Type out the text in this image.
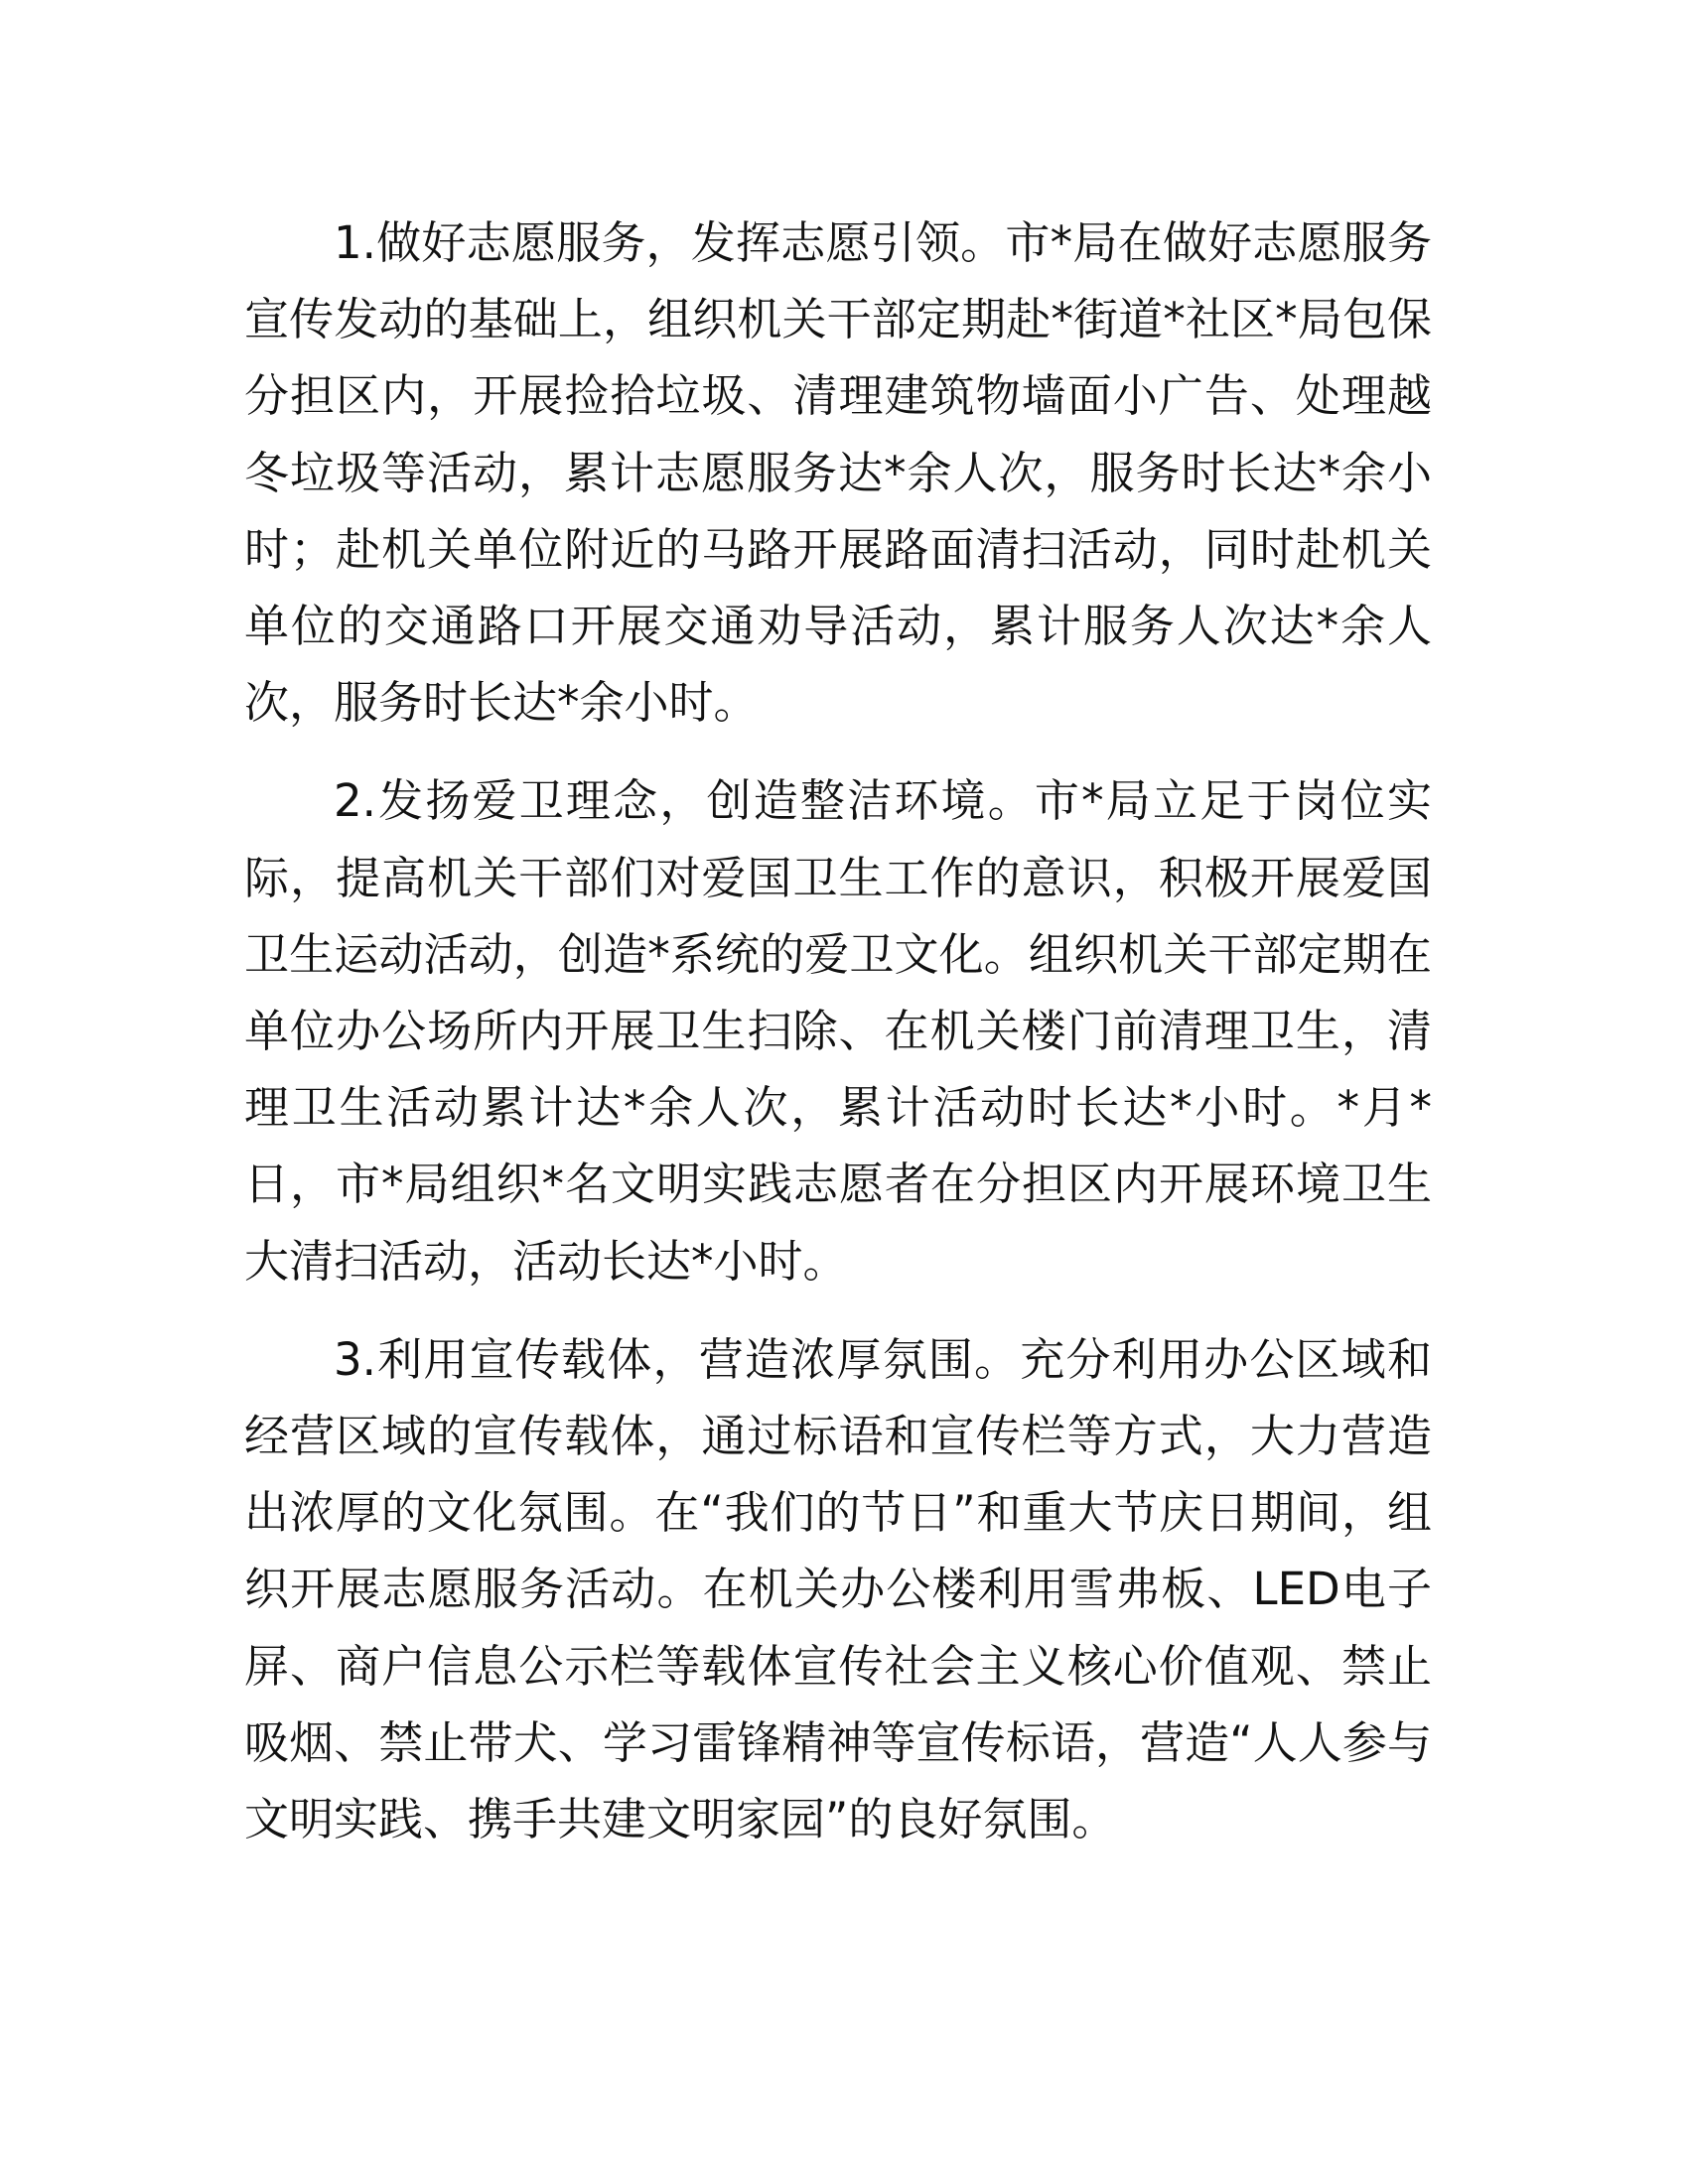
1.做好志愿服务，发挥志愿引领。市*局在做好志愿服务宣传发动的基础上，组织机关干部定期赴*街道*社区*局包保分担区内，开展捡拾垃圾、清理建筑物墙面小广告、处理越冬垃圾等活动，累计志愿服务达*余人次，服务时长达*余小时；赴机关单位附近的马路开展路面清扫活动，同时赴机关单位的交通路口开展交通劝导活动，累计服务人次达*余人次，服务时长达*余小时。

2.发扬爱卫理念，创造整洁环境。市*局立足于岗位实际，提高机关干部们对爱国卫生工作的意识，积极开展爱国卫生运动活动，创造*系统的爱卫文化。组织机关干部定期在单位办公场所内开展卫生扫除、在机关楼门前清理卫生，清理卫生活动累计达*余人次，累计活动时长达*小时。*月*日，市*局组织*名文明实践志愿者在分担区内开展环境卫生大清扫活动，活动长达*小时。

3.利用宣传载体，营造浓厚氛围。充分利用办公区域和经营区域的宣传载体，通过标语和宣传栏等方式，大力营造出浓厚的文化氛围。在“我们的节日”和重大节庆日期间，组织开展志愿服务活动。在机关办公楼利用雪弗板、LED电子屏、商户信息公示栏等载体宣传社会主义核心价值观、禁止吸烟、禁止带犬、学习雷锋精神等宣传标语，营造“人人参与文明实践、携手共建文明家园”的良好氛围。
